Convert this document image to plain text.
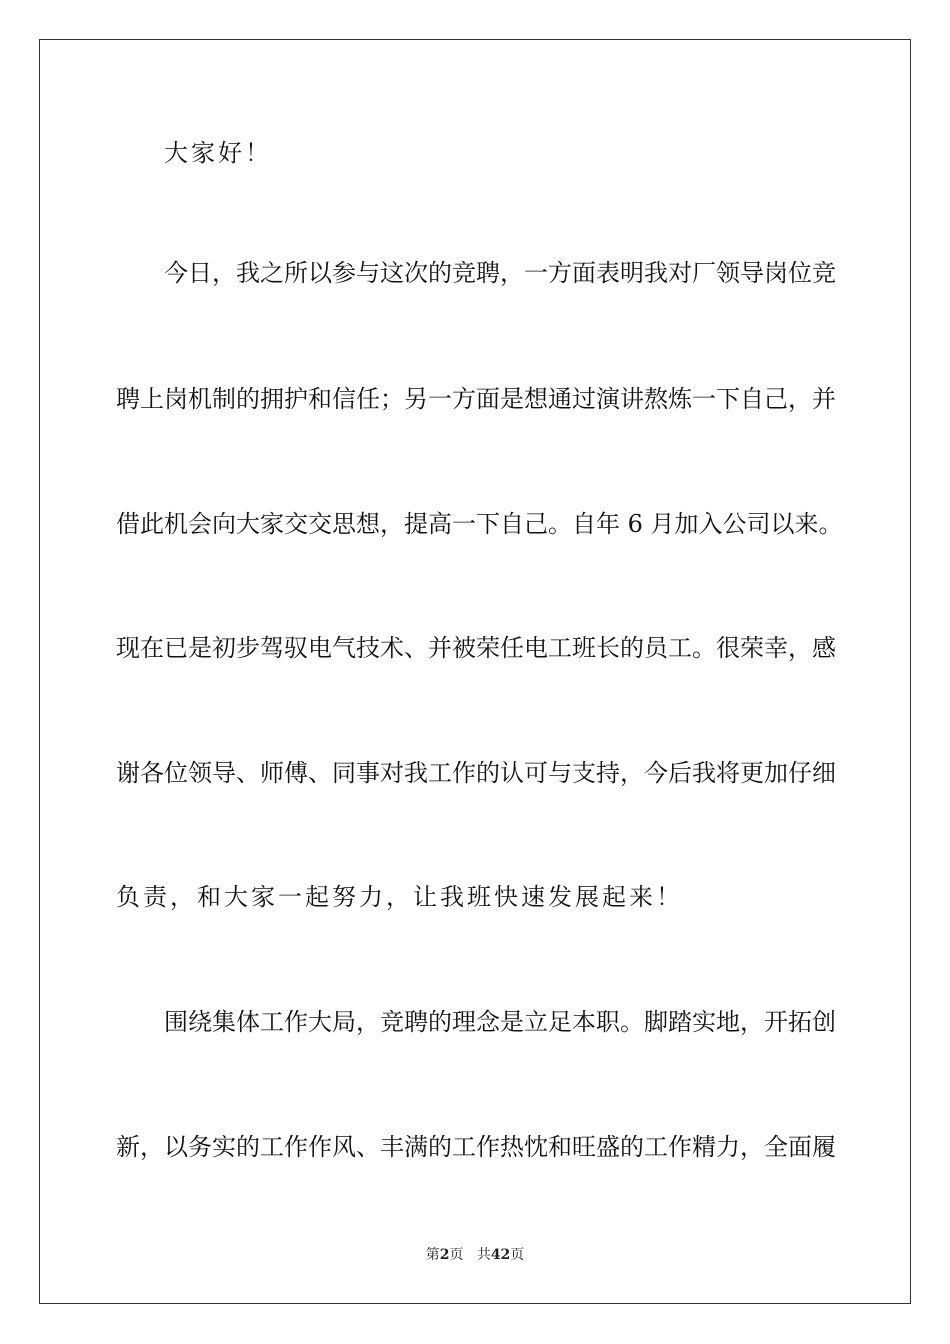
大家好！
今日，我之所以参与这次的竞聘，一方面表明我对厂领导岗位竞
聘上岗机制的拥护和信任；另一方面是想通过演讲熬炼一下自己，并
借此机会向大家交交思想，提高一下自己。自年 6 月加入公司以来。
现在已是初步驾驭电气技术、并被荣任电工班长的员工。很荣幸，感
谢各位领导、师傅、同事对我工作的认可与支持，今后我将更加仔细
负责，和大家一起努力，让我班快速发展起来！
围绕集体工作大局，竞聘的理念是立足本职。脚踏实地，开拓创
新，以务实的工作作风、丰满的工作热忱和旺盛的工作精力，全面履
第2页 共42页
